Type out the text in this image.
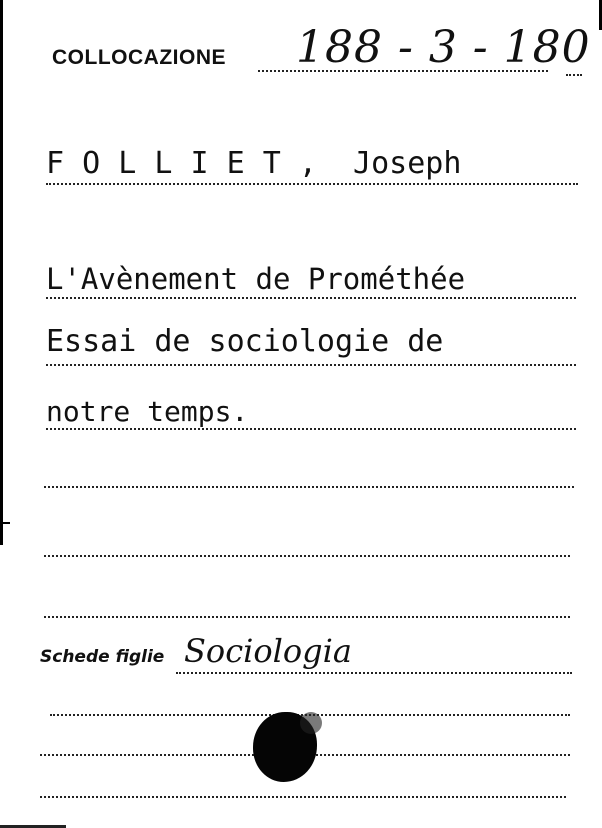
COLLOCAZIONE 188 - 3 - 180
F O L L I E T ,  Joseph
L'Avènement de Prométhée
Essai de sociologie de
notre temps.
Schede figlie Sociologia
